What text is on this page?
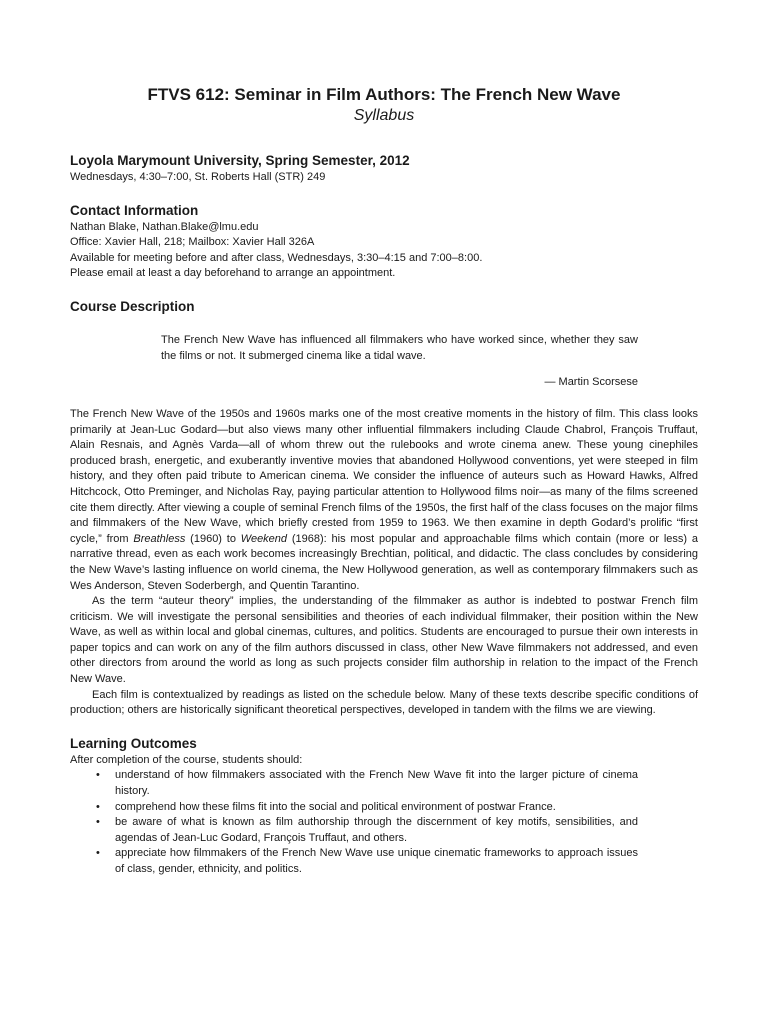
FTVS 612: Seminar in Film Authors: The French New Wave

Syllabus

Loyola Marymount University, Spring Semester, 2012
Wednesdays, 4:30–7:00, St. Roberts Hall (STR) 249
Contact Information
Nathan Blake, Nathan.Blake@lmu.edu
Office: Xavier Hall, 218; Mailbox: Xavier Hall 326A
Available for meeting before and after class, Wednesdays, 3:30–4:15 and 7:00–8:00.
Please email at least a day beforehand to arrange an appointment.
Course Description

The French New Wave has influenced all filmmakers who have worked since, whether they saw the films or not. It submerged cinema like a tidal wave.

— Martin Scorsese

The French New Wave of the 1950s and 1960s marks one of the most creative moments in the history of film. This class looks primarily at Jean-Luc Godard—but also views many other influential filmmakers including Claude Chabrol, François Truffaut, Alain Resnais, and Agnès Varda—all of whom threw out the rulebooks and wrote cinema anew. These young cinephiles produced brash, energetic, and exuberantly inventive movies that abandoned Hollywood conventions, yet were steeped in film history, and they often paid tribute to American cinema. We consider the influence of auteurs such as Howard Hawks, Alfred Hitchcock, Otto Preminger, and Nicholas Ray, paying particular attention to Hollywood films noir—as many of the films screened cite them directly. After viewing a couple of seminal French films of the 1950s, the first half of the class focuses on the major films and filmmakers of the New Wave, which briefly crested from 1959 to 1963. We then examine in depth Godard’s prolific “first cycle,” from Breathless (1960) to Weekend (1968): his most popular and approachable films which contain (more or less) a narrative thread, even as each work becomes increasingly Brechtian, political, and didactic. The class concludes by considering the New Wave’s lasting influence on world cinema, the New Hollywood generation, as well as contemporary filmmakers such as Wes Anderson, Steven Soderbergh, and Quentin Tarantino.

As the term “auteur theory” implies, the understanding of the filmmaker as author is indebted to postwar French film criticism. We will investigate the personal sensibilities and theories of each individual filmmaker, their position within the New Wave, as well as within local and global cinemas, cultures, and politics. Students are encouraged to pursue their own interests in paper topics and can work on any of the film authors discussed in class, other New Wave filmmakers not addressed, and even other directors from around the world as long as such projects consider film authorship in relation to the impact of the French New Wave.

Each film is contextualized by readings as listed on the schedule below. Many of these texts describe specific conditions of production; others are historically significant theoretical perspectives, developed in tandem with the films we are viewing.

Learning Outcomes
After completion of the course, students should:
• understand of how filmmakers associated with the French New Wave fit into the larger picture of cinema history.
• comprehend how these films fit into the social and political environment of postwar France.
• be aware of what is known as film authorship through the discernment of key motifs, sensibilities, and agendas of Jean-Luc Godard, François Truffaut, and others.
• appreciate how filmmakers of the French New Wave use unique cinematic frameworks to approach issues of class, gender, ethnicity, and politics.
